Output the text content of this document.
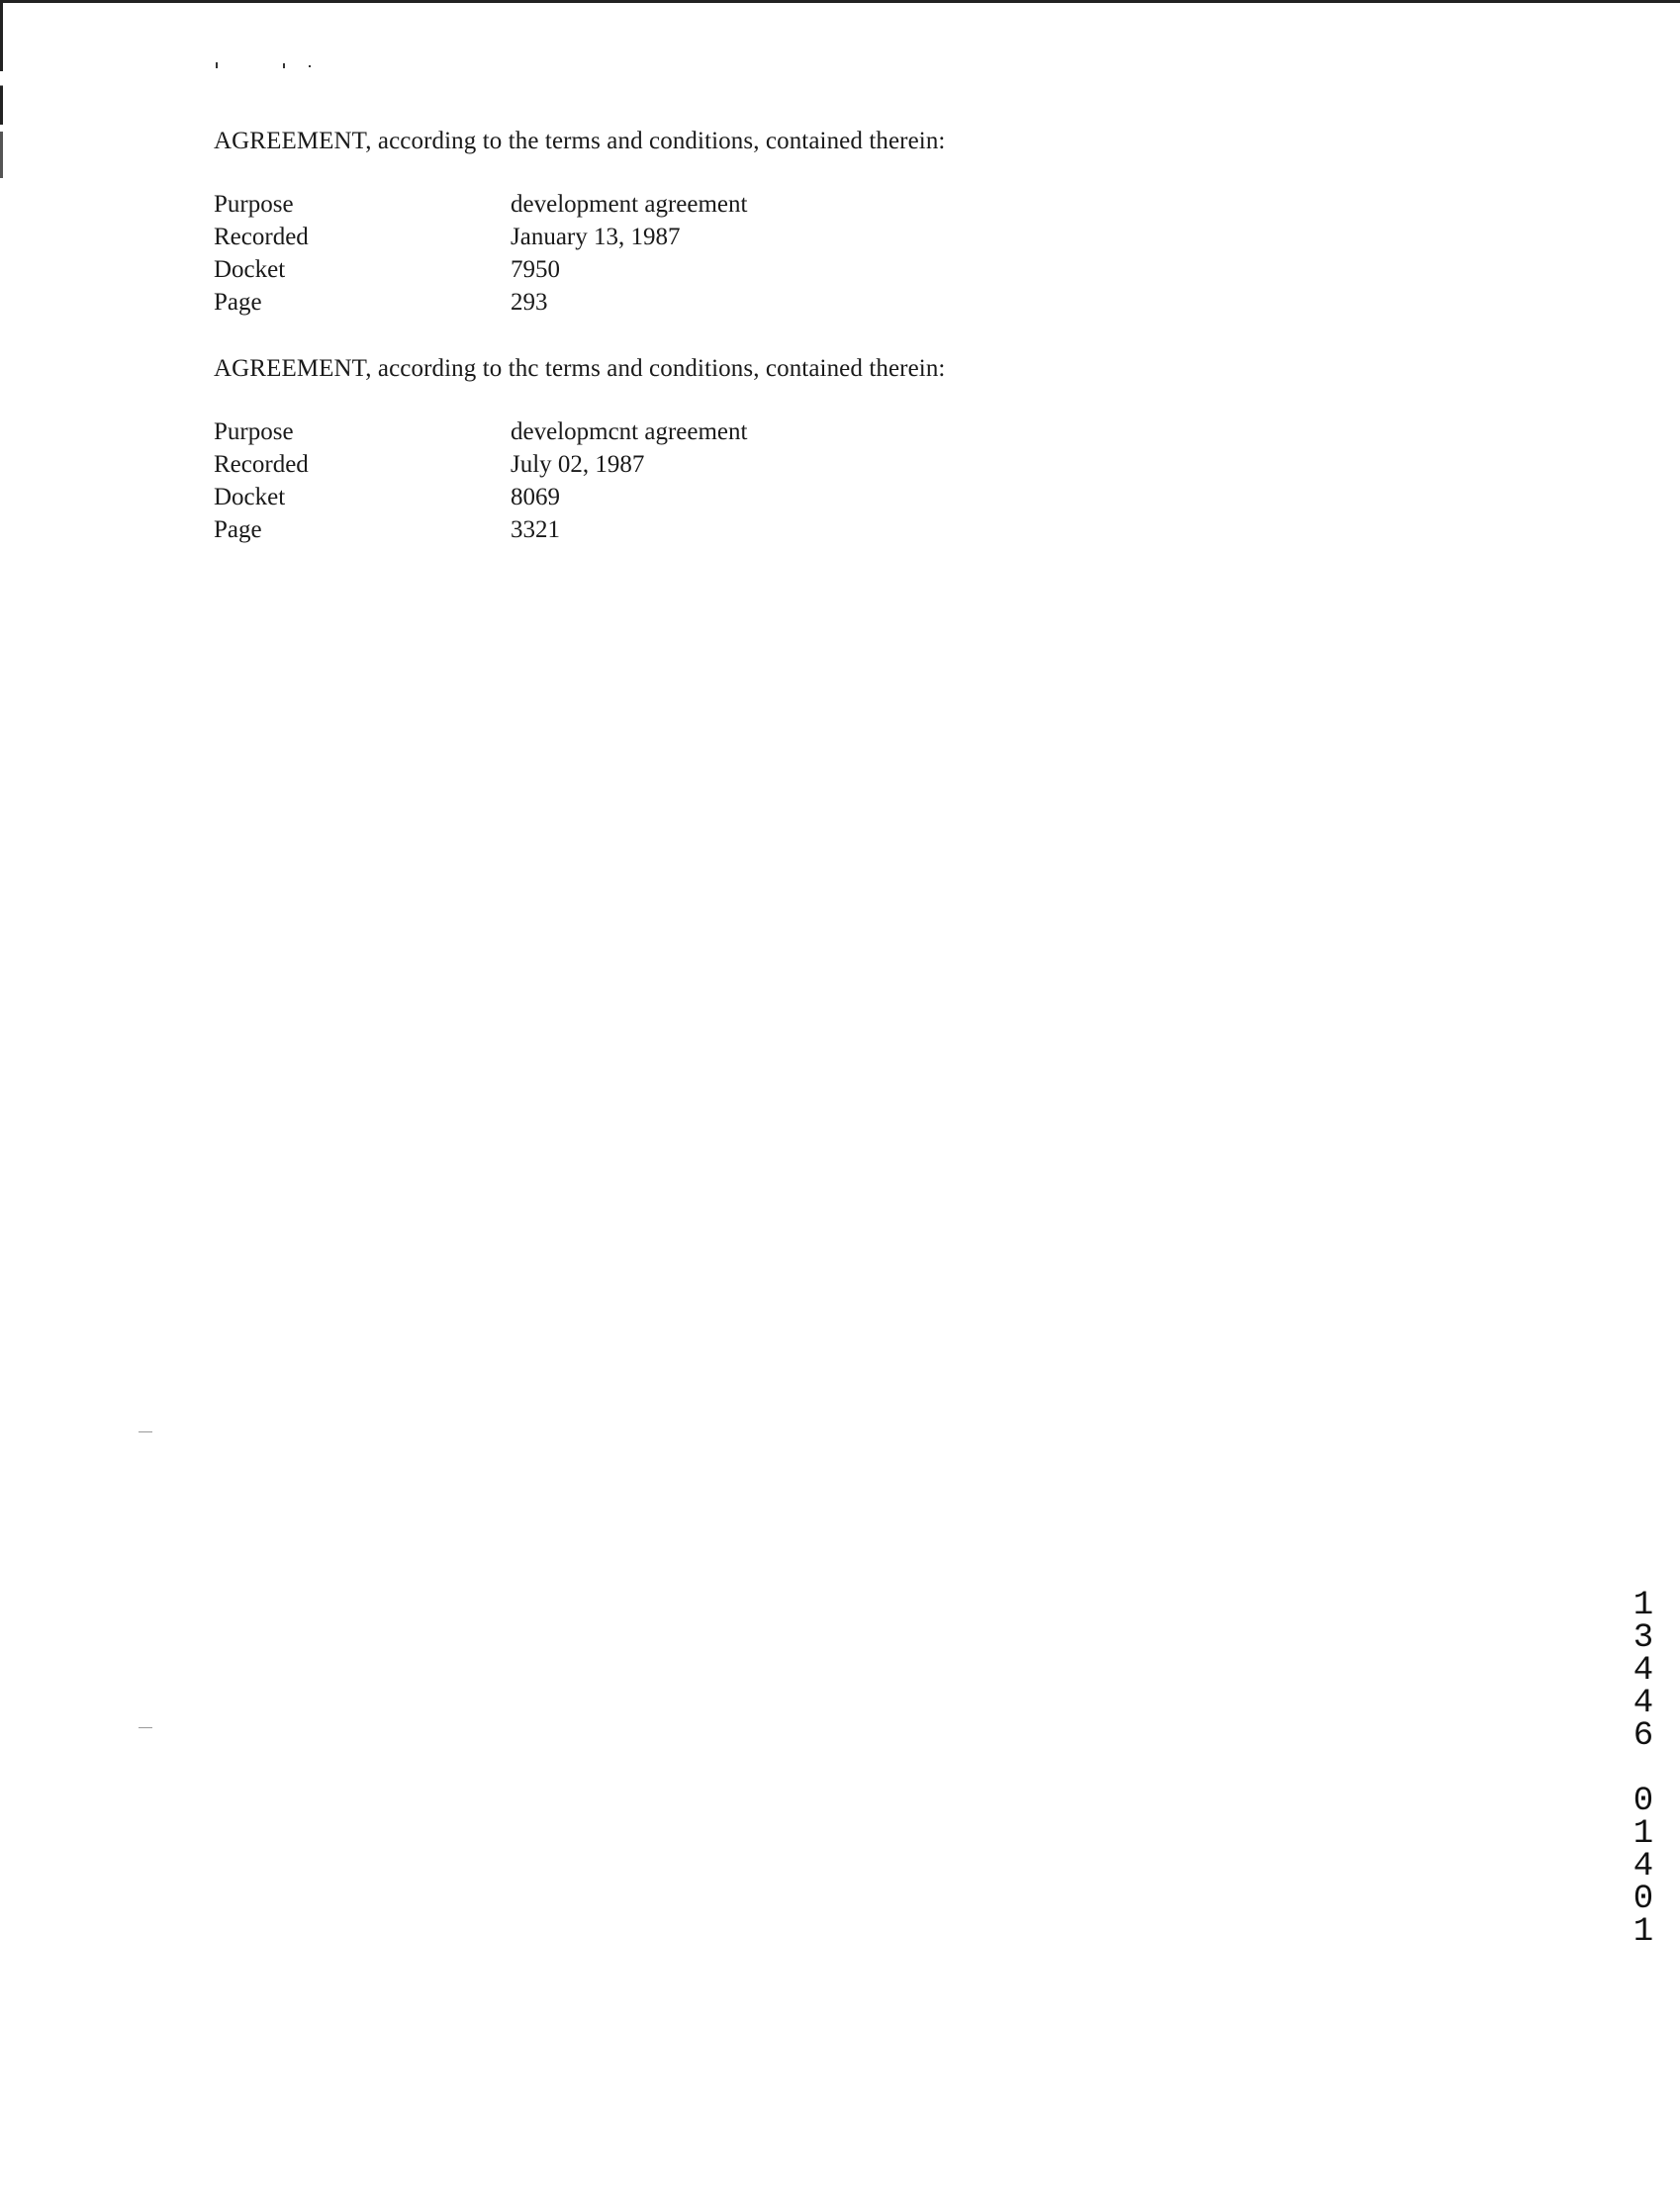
AGREEMENT, according to the terms and conditions, contained therein:

Purpose	development agreement
Recorded	January 13, 1987
Docket	7950
Page	293

AGREEMENT, according to thc terms and conditions, contained therein:

Purpose	developmcnt agreement
Recorded	July 02, 1987
Docket	8069
Page	3321
13446 01401
